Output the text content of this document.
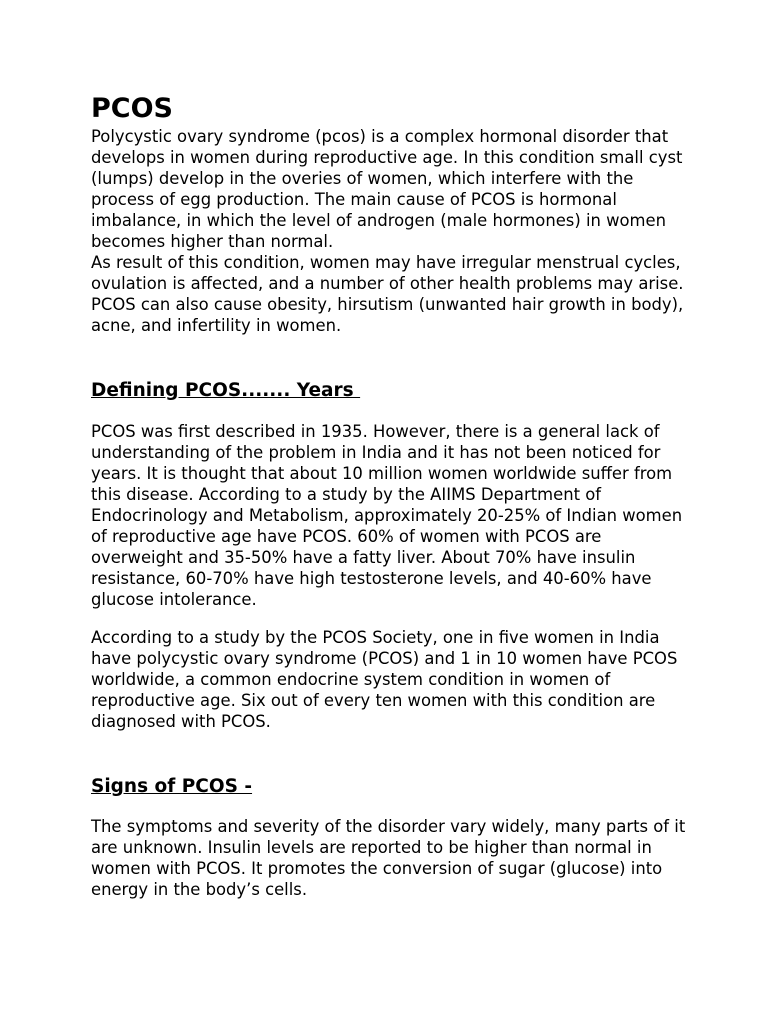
PCOS

Polycystic ovary syndrome (pcos) is a complex hormonal disorder that develops in women during reproductive age. In this condition small cyst (lumps) develop in the overies of women, which interfere with the process of egg production. The main cause of PCOS is hormonal imbalance, in which the level of androgen (male hormones) in women becomes higher than normal.

As result of this condition, women may have irregular menstrual cycles, ovulation is affected, and a number of other health problems may arise. PCOS can also cause obesity, hirsutism (unwanted hair growth in body), acne, and infertility in women.

Defining PCOS....... Years

PCOS was first described in 1935. However, there is a general lack of understanding of the problem in India and it has not been noticed for years. It is thought that about 10 million women worldwide suffer from this disease. According to a study by the AIIMS Department of Endocrinology and Metabolism, approximately 20-25% of Indian women of reproductive age have PCOS. 60% of women with PCOS are overweight and 35-50% have a fatty liver. About 70% have insulin resistance, 60-70% have high testosterone levels, and 40-60% have glucose intolerance.

According to a study by the PCOS Society, one in five women in India have polycystic ovary syndrome (PCOS) and 1 in 10 women have PCOS worldwide, a common endocrine system condition in women of reproductive age. Six out of every ten women with this condition are diagnosed with PCOS.

Signs of PCOS -

The symptoms and severity of the disorder vary widely, many parts of it are unknown. Insulin levels are reported to be higher than normal in women with PCOS. It promotes the conversion of sugar (glucose) into energy in the body’s cells.
